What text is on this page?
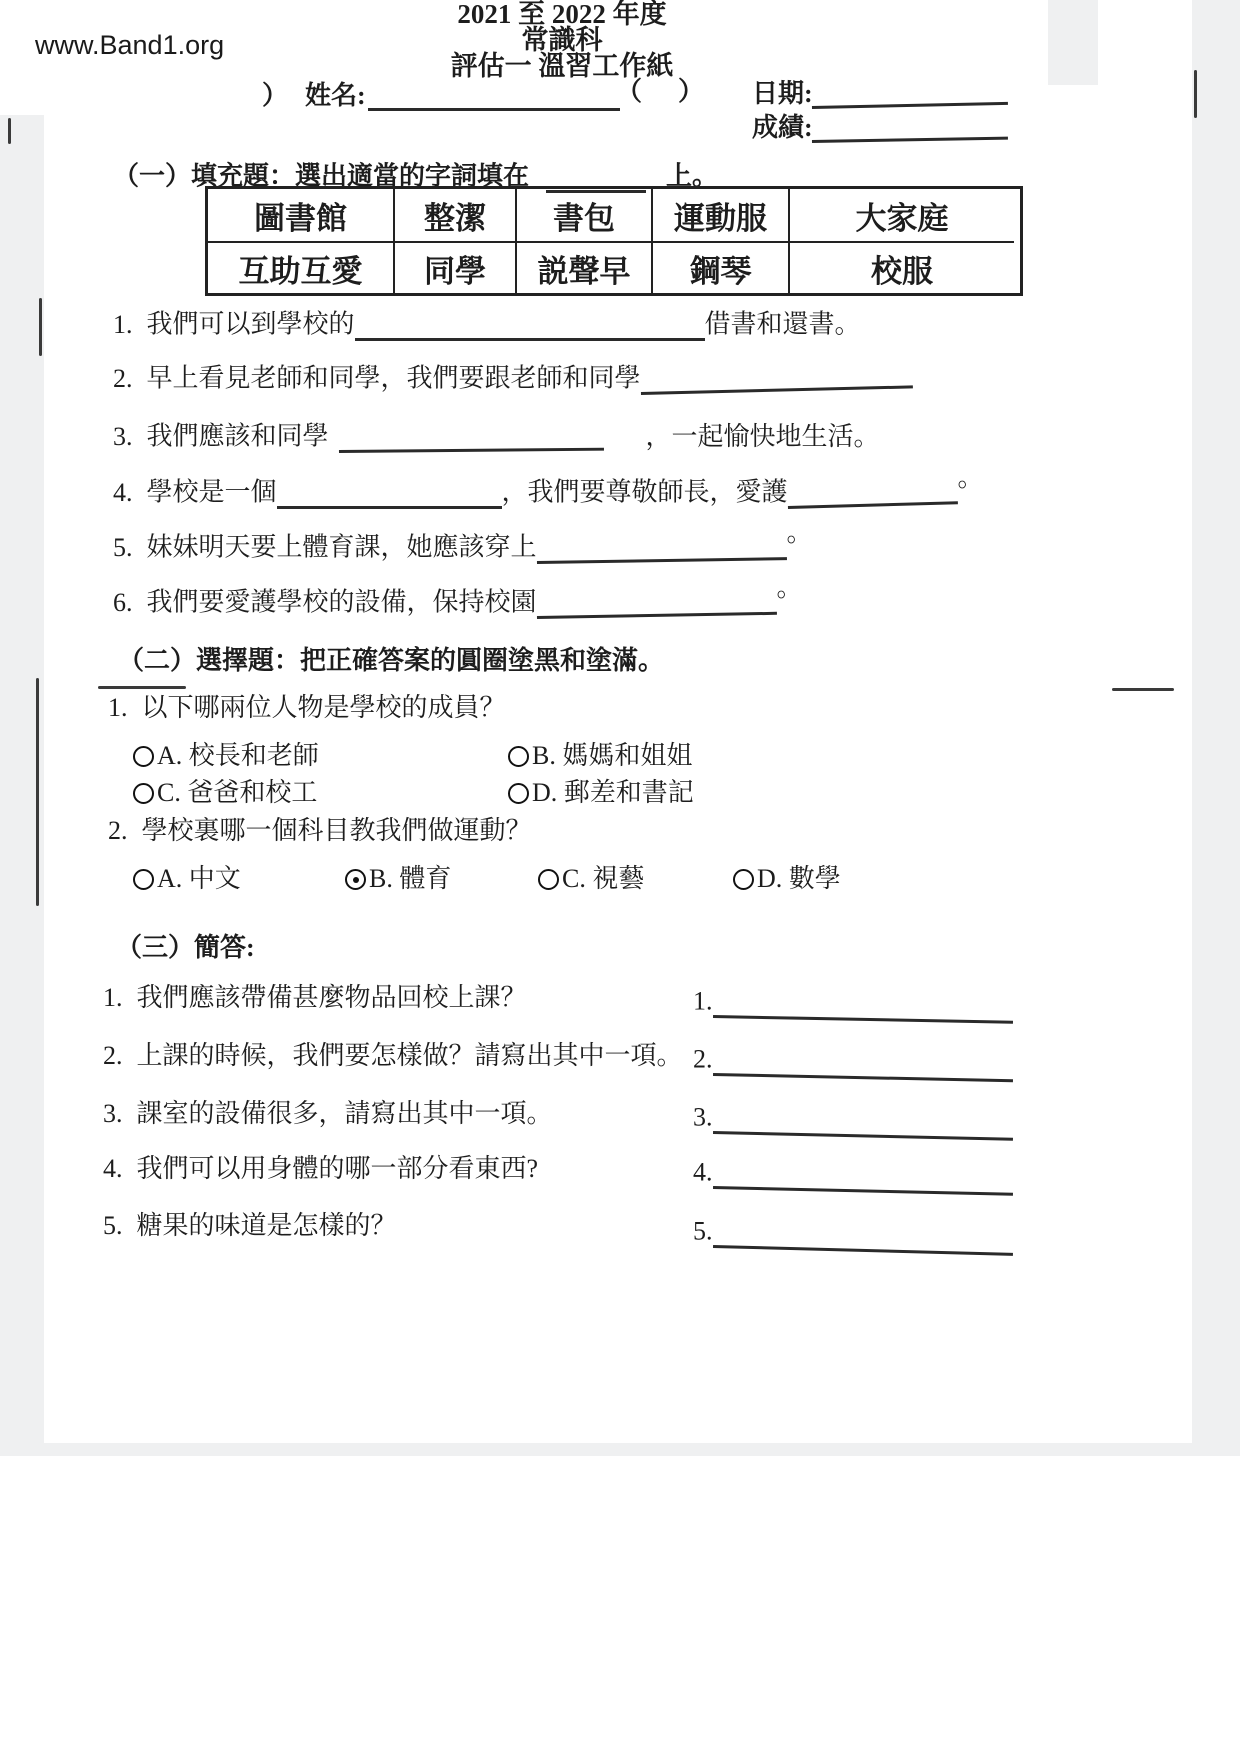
www.Band1.org
2021 至 2022 年度
常識科
評估一 溫習工作紙
） 姓名:	（ ） 日期:
成績:
（一）填充題：選出適當的字詞填在	上。
圖書館	整潔	書包	運動服	大家庭
互助互愛	同學	説聲早	鋼琴	校服
1. 我們可以到學校的	借書和還書。
2. 早上看見老師和同學，我們要跟老師和同學
3. 我們應該和同學	，一起愉快地生活。
4. 學校是一個	，我們要尊敬師長，愛護。
5. 妹妹明天要上體育課，她應該穿上。
6. 我們要愛護學校的設備，保持校園。
（二）選擇題：把正確答案的圓圈塗黑和塗滿。
1. 以下哪兩位人物是學校的成員？
A. 校長和老師	B. 媽媽和姐姐
C. 爸爸和校工	D. 郵差和書記
2. 學校裏哪一個科目教我們做運動？
A. 中文	B. 體育	C. 視藝	D. 數學
（三）簡答:
1. 我們應該帶備甚麼物品回校上課？	1.
2. 上課的時候，我們要怎樣做？請寫出其中一項。 2.
3. 課室的設備很多，請寫出其中一項。	3.
4. 我們可以用身體的哪一部分看東西?	4.
5. 糖果的味道是怎樣的？	5.
